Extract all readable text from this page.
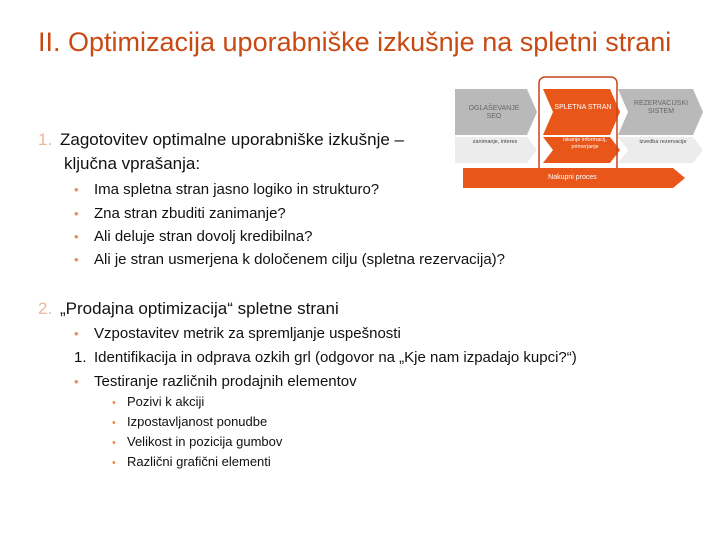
II. Optimizacija uporabniške izkušnje na spletni strani
OGLAŠEVANJE SEO
SPLETNA STRAN
REZERVACIJSKI SISTEM
zanimanje, interes	iskanje informacij, primerjanje
izvedba rezervacije
Nakupni proces
1. Zagotovitev optimalne uporabniške izkušnje –
ključna vprašanja:
• Ima spletna stran jasno logiko in strukturo?
• Zna stran zbuditi zanimanje?
• Ali deluje stran dovolj kredibilna?
• Ali je stran usmerjena k določenem cilju (spletna rezervacija)?
2. „Prodajna optimizacija“ spletne strani
• Vzpostavitev metrik za spremljanje uspešnosti
1. Identifikacija in odprava ozkih grl (odgovor na „Kje nam izpadajo kupci?“)
• Testiranje različnih prodajnih elementov
• Pozivi k akciji
• Izpostavljanost ponudbe
• Velikost in pozicija gumbov
• Različni grafični elementi
